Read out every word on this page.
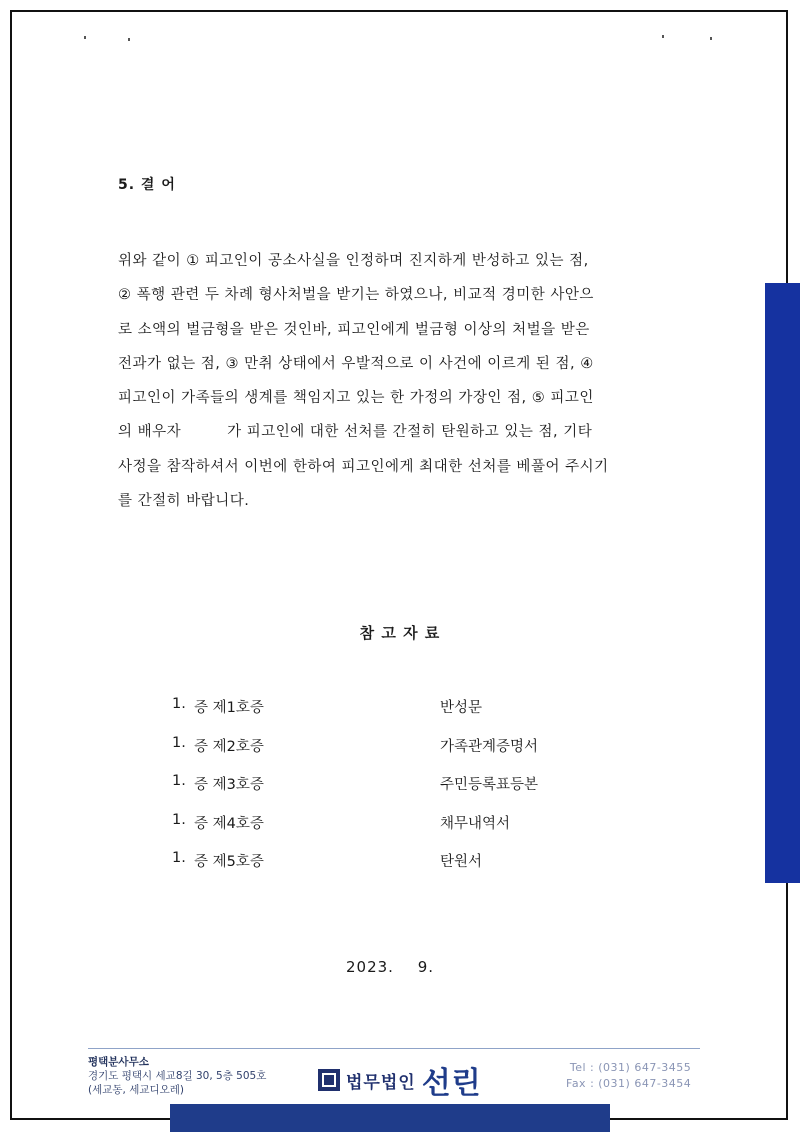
5. 결 어

위와 같이 ① 피고인이 공소사실을 인정하며 진지하게 반성하고 있는 점,
② 폭행 관련 두 차례 형사처벌을 받기는 하였으나, 비교적 경미한 사안으
로 소액의 벌금형을 받은 것인바, 피고인에게 벌금형 이상의 처벌을 받은
전과가 없는 점, ③ 만취 상태에서 우발적으로 이 사건에 이르게 된 점, ④
피고인이 가족들의 생계를 책임지고 있는 한 가정의 가장인 점, ⑤ 피고인
의 배우자         가 피고인에 대한 선처를 간절히 탄원하고 있는 점, 기타
사정을 참작하셔서 이번에 한하여 피고인에게 최대한 선처를 베풀어 주시기
를 간절히 바랍니다.

참 고 자 료
1. 증 제1호증	반성문
1. 증 제2호증	가족관계증명서
1. 증 제3호증	주민등록표등본
1. 증 제4호증	채무내역서
1. 증 제5호증	탄원서
2023. 9.
평택분사무소
경기도 평택시 세교8길 30, 5층 505호
(세교동, 세교디오레)	법무법인 선린	Tel : (031) 647-3455
Fax : (031) 647-3454
